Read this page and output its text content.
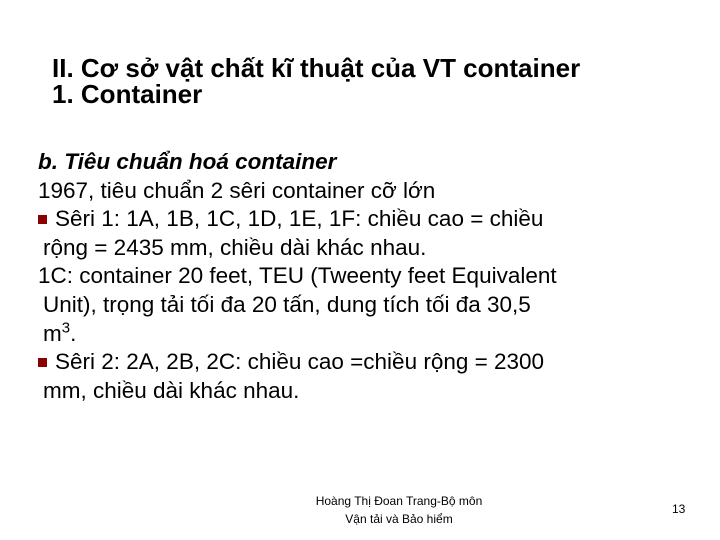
II. Cơ sở vật chất kĩ thuật của VT container
1. Container
b. Tiêu chuẩn hoá container
1967, tiêu chuẩn 2 sêri container cỡ lớn
Sêri 1: 1A, 1B, 1C, 1D, 1E, 1F: chiều cao = chiều
rộng = 2435 mm, chiều dài khác nhau.
1C: container 20 feet, TEU (Tweenty feet Equivalent
Unit), trọng tải tối đa 20 tấn, dung tích tối đa 30,5
$m^3$.
Sêri 2: 2A, 2B, 2C: chiều cao =chiều rộng = 2300
mm, chiều dài khác nhau.
Hoàng Thị Đoan Trang-Bộ môn
Vận tải và Bảo hiểm
13
